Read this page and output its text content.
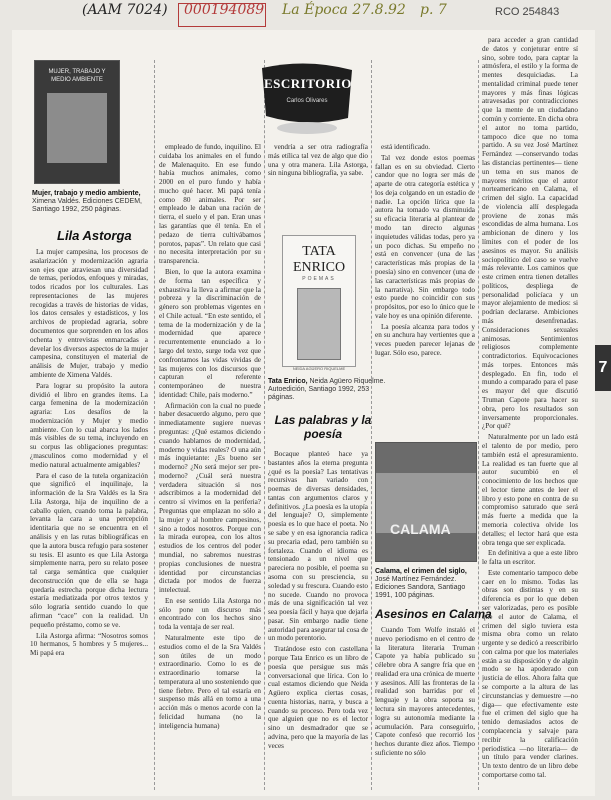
(AAM 7024) 000194089 La Época 27.8.92 p. 7	RCO 254843
MUJER, TRABAJO Y MEDIO AMBIENTE
Mujer, trabajo y medio ambiente, Ximena Valdés. Ediciones CEDEM, Santiago 1992, 250 páginas.
Lila Astorga

La mujer campesina, los procesos de asalarización y modernización agraria son ejes que atraviesan una diversidad de temas, períodos, enfoques y miradas, todos ricados por los culturales. Las representaciones de las mujeres recogidas a través de historias de vidas, los datos censales y estadísticos, y los archivos de propiedad agraria, sobre documentos que sorprenden en los años ochenta y entrevistas enmarcadas a develar los diversos aspectos de la mujer campesina, constituyen el material de análisis de Mujer, trabajo y medio ambiente de Ximena Valdés.

Para lograr su propósito la autora dividió el libro en grandes ítems. La carga femenina de la modernización agraria: Los desafíos de la modernización y Mujer y medio ambiente. Con lo cual abarca los lados más visibles de su tema, incluyendo en su corpus las obligaciones preguntas: ¿masculinos como modernidad y el medio natural actualmente amigables?

Para el caso de la tutela organización que significó el inquilinaje, la información de la Sra Valdés es la Sra Lila Astorga, hija de inquilino de a caballo quien, cuando toma la palabra, levanta la cara a una percepción identitaria que no se encuentra en el análisis y en las rutas bibliográficas en que la autora busca refugio para sostener su tesis. El asunto es que Lila Astorga simplemente narra, pero su relato posee tal carga semántica que cualquier deconstrucción que de ella se haga quedaría estrecha porque dicha lectura estaría mediatizada por otros textos y sólo lograría sentido cuando lo que afirman “cace” con la realidad. Un pequeño préstamo, como se ve.

Lila Astorga afirma: “Nosotros somos 10 hermanos, 5 hombres y 5 mujeres... Mi papá era

empleado de fundo, inquilino. El cuidaba los animales en el fundo de Malenaquito. En ese fundo había muchos animales, como 2000 en el puro fundo y había mucho qué hacer. Mi papá tenía como 80 animales. Por ser empleado le daban una ración de tierra, el suelo y el pan. Eran unas las garantías que él tenía. En el pedazo de tierra cultivábamos porotos, papas”. Un relato que casi no necesita interpretación por su transparencia.

Bien, lo que la autora examina de forma tan específica y exhaustiva la lleva a afirmar que la pobreza y la discriminación de género son problemas vigentes en el Chile actual. “En este sentido, el tema de la modernización y de la modernidad que aparece recurrentemente enunciado a lo largo del texto, surge toda vez que confrontamos las vidas vividas de las mujeres con los discursos que capturan el referente contemporáneo de nuestra identidad: Chile, país moderno.”

Afirmación con la cual no puede haber desacuerdo alguno, pero que inmediatamente sugiere nuevas preguntas: ¿Qué estamos diciendo cuando hablamos de modernidad, moderno y vidas reales? O una aún más inquietante: ¿Es bueno ser moderno? ¿No será mejor ser pre-moderno? ¿Cuál será nuestra verdadera situación si nos adscribimos a la modernidad del centro sí vivimos en la periferia? Preguntas que emplazan no sólo a la mujer y al hombre campesinos, sino a todos nosotros. Porque con la mirada europea, con los altos estudios de los centros del poder mundial, no sabremos nuestras propias conclusiones de nuestra identidad por circunstancias dictada por modos de fuerza intelectual.

En ese sentido Lila Astorga no sólo pone un discurso más encontrado con los hechos sino toda la ventaja de ser real.

Naturalmente este tipo de estudios como el de la Sra Valdés son útiles de un modo extraordinario. Como lo es de extraordinario tomarse la temperatura al uno sosteniendo que tiene fiebre. Pero el tal estaría en suspenso más allá en torno a una acción más o menos acorde con la felicidad humana (no la inteligencia humana)

ESCRITORIO
Carlos Olivares

vendría a ser otra radiografía más etílica tal vez de algo que dio una y otra manera. Lila Astorga, sin ninguna bibliografía, ya sabe.

TATA ENRICO
POEMAS
NEIDA AGÜERO RIQUELME
Tata Enrico, Neida Agüero Riquelme. Autoedición, Santiago 1992, 253 páginas.
Las palabras y la poesía

Bocaque planteó hace ya bastantes años la eterna pregunta ¿qué es la poesía? Las tentativas recursivas han variado con poemas de diversas densidades, tantas con argumentos claros y definitivos. ¿La poesía es la utopía del lenguaje? O, simplemente poesía es lo que hace el poeta. No se sabe y en esa ignorancia radica su precaria edad, pero también su fortaleza. Cuando el idioma es tensionado a un nivel que pareciera no posible, el poema su asoma con su presciencia, su soledad y su frescura. Cuando esto no sucede. Cuando no provoca más de una significación tal vez sea poesía fácil y haya que dejarla pasar. Sin embargo nadie tiene autoridad para asegurar tal cosa de un modo perentorio.

Tratándose esto con castellana porque Tata Enrico es un libro de poesía que persigue sus más conversacional que lírica. Con lo cual estamos diciendo que Neida Agüero explica ciertas cosas, cuenta historias, narra, y busca a cuando su proceso. Pero toda vez que alguien que no es el lector sino un desmadrador que se advina, pero que la mayoría de las veces

está identificado.

Tal vez donde estos poemas fallan es en su obviedad. Cierto candor que no logra ser más de aparte de otra categoría estética y los deja colgando en un estadio de nadie. La opción lírica que la autora ha tomado va disminuida su eficacia literaria al plantear de modo tan directo algunas inquietudes válidas todas, pero ya un poco dichas. Su empeño no está en convencer (una de las características más propias de la poesía) sino en convencer (una de las características más propias de la narrativa). Sin embargo todo esto puede no coincidir con sus propósitos, por eso lo único que le vale hoy es una opinión diferente.

La poesía alcanza para todos y en su anchura hay vertientes que a veces pueden parecer lejanas de lugar. Sólo eso, parece.

CALAMA
Calama, el crimen del siglo, José Martínez Fernández. Ediciones Sandora, Santiago 1991, 100 páginas.
Asesinos en Calama

Cuando Tom Wolfe instaló el nuevo periodismo en el centro de la literatura literaria Truman Capote ya había publicado su célebre obra A sangre fría que en realidad era una crónica de muerte y asesinos. Allí las fronteras de la realidad son barridas por el lenguaje y la obra soporta su lectura sin mayores antecedentes, logra su autonomía mediante la acumulación. Para conseguirlo, Capote confesó que recorrió los hechos durante diez años. Tiempo suficiente no sólo

para acceder a gran cantidad de datos y conjeturar entre sí sino, sobre todo, para captar la atmósfera, el estilo y la forma de mentes desquiciadas. La mentalidad criminal puede tener mayores y más finas lógicas atravesadas por contradicciones que la mente de un ciudadano común y corriente. En dicha obra el autor no toma partido, tampoco dice que no toma partido. A su vez José Martínez Fernández —conservando todas las distancias pertinentes— tiene un tema en sus manos de mayores méritos que el autor norteamericano en Calama, el crimen del siglo. La capacidad de violencia allí desplegada proviene de zonas más escondidas de alma humana. Los ambicionan de dinero y los límites con el poder de los asesinos es mayor. Su análisis sociopolítico del caso se vuelve más relevante. Los caminos que este crimen entra tienen detalles políticos, despliega de personalidad policíaca y un mayor alejamiento de medios: si podrían declararse. Ambiciones más desenfrenadas. Consideraciones sexuales animosas. Sentimientos religiosos complemente contradictorios. Equivocaciones más torpes. Entonces más desplegado. En fin, todo el mundo a comparado para el pase es mayor del que discutió Truman Capote para hacer su obra, pero los resultados son inversamente proporcionales. ¿Por qué?

Naturalmente por un lado está el talento de por medio, pero también está el apresuramiento. La realidad es tan fuerte que al autor sucumbió en el conocimiento de los hechos que el lector tiene antes de leer el libro y esto pone en contra de su compromiso saturado que será más fuerte a medida que la memoria colectiva olvide los detalles; el lector hará que esta obra tenga que ser explicada.

En definitiva a que a este libro le falta un escritor.

Este comentario tampoco debe caer en lo mismo. Todas las obras son distintas y en su diferencia es por lo que deben ser valorizadas, pero es posible que el autor de Calama, el crimen del siglo tuviera esta misma obra como un relato urgente y se dedicó a reescribirlo con calma por que los materiales están a su disposición y de algún modo se ha apoderado con justicia de ellos. Ahora falta que se comporte a la altura de las circunstancias y demuestre —no diga— que efectivamente este fue el crimen del siglo que ha tenido demasiados actos de complacencia y salvaje para recibir la calificación periodística —no literaria— de un título para vender clarines. Un texto dentro de un libro debe comportarse como tal.

7
